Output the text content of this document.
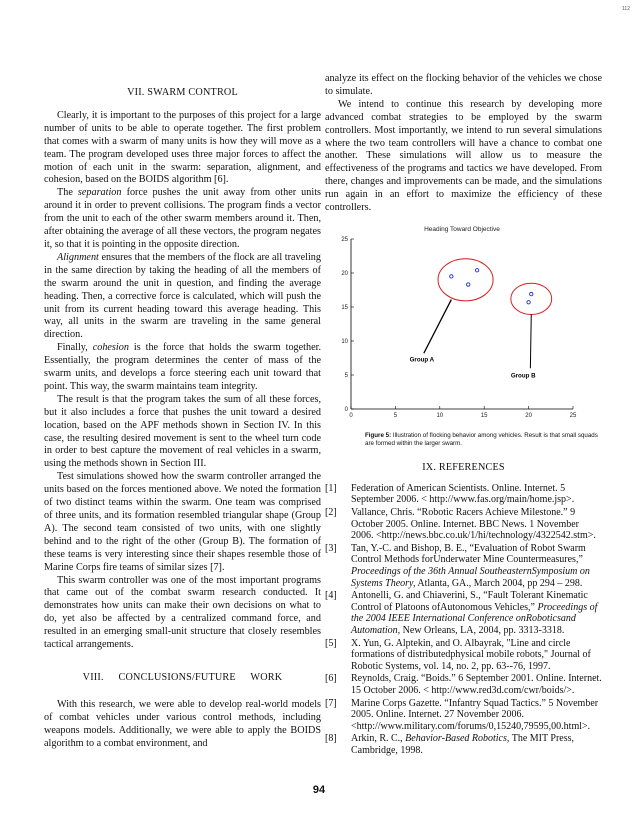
112
VII. SWARM CONTROL

Clearly, it is important to the purposes of this project for a large number of units to be able to operate together. The first problem that comes with a swarm of many units is how they will move as a team. The program developed uses three major forces to affect the motion of each unit in the swarm: separation, alignment, and cohesion, based on the BOIDS algorithm [6].

The separation force pushes the unit away from other units around it in order to prevent collisions. The program finds a vector from the unit to each of the other swarm members around it. Then, after obtaining the average of all these vectors, the program negates it, so that it is pointing in the opposite direction.

Alignment ensures that the members of the flock are all traveling in the same direction by taking the heading of all the members of the swarm around the unit in question, and finding the average heading. Then, a corrective force is calculated, which will push the unit from its current heading toward this average heading. This way, all units in the swarm are traveling in the same general direction.

Finally, cohesion is the force that holds the swarm together. Essentially, the program determines the center of mass of the swarm units, and develops a force steering each unit toward that point. This way, the swarm maintains team integrity.

The result is that the program takes the sum of all these forces, but it also includes a force that pushes the unit toward a desired location, based on the APF methods shown in Section IV. In this case, the resulting desired movement is sent to the wheel turn code in order to best capture the movement of real vehicles in a swarm, using the methods shown in Section III.

Test simulations showed how the swarm controller arranged the units based on the forces mentioned above. We noted the formation of two distinct teams within the swarm. One team was comprised of three units, and its formation resembled triangular shape (Group A). The second team consisted of two units, with one slightly behind and to the right of the other (Group B). The formation of these teams is very interesting since their shapes resemble those of Marine Corps fire teams of similar sizes [7].

This swarm controller was one of the most important programs that came out of the combat swarm research conducted. It demonstrates how units can make their own decisions on what to do, yet also be affected by a centralized command force, and resulted in an emerging small-unit structure that closely resembles tactical arrangements.

VIII. CONCLUSIONS/FUTURE WORK

With this research, we were able to develop real-world models of combat vehicles under various control methods, including weapons models. Additionally, we were able to apply the BOIDS algorithm to a combat environment, and

analyze its effect on the flocking behavior of the vehicles we chose to simulate.

We intend to continue this research by developing more advanced combat strategies to be employed by the swarm controllers. Most importantly, we intend to run several simulations where the two team controllers will have a chance to combat one another. These simulations will allow us to measure the effectiveness of the programs and tactics we have developed. From there, changes and improvements can be made, and the simulations run again in an effort to maximize the efficiency of these controllers.

Heading Toward Objective
0	5	10	15	20	25
0
5
10
15
20
25
Group A
Group B
Figure 5: Illustration of flocking behavior among vehicles. Result is that small squads are formed within the larger swarm.
IX. REFERENCES
[1] Federation of American Scientists. Online. Internet. 5 September 2006. < http://www.fas.org/main/home.jsp>.
[2] Vallance, Chris. “Robotic Racers Achieve Milestone.” 9 October 2005. Online. Internet. BBC News. 1 November 2006. <http://news.bbc.co.uk/1/hi/technology/4322542.stm>.
[3] Tan, Y.-C. and Bishop, B. E., “Evaluation of Robot Swarm Control Methods forUnderwater Mine Countermeasures,” Proceedings of the 36th Annual SoutheasternSymposium on Systems Theory, Atlanta, GA., March 2004, pp 294 – 298.
[4] Antonelli, G. and Chiaverini, S., “Fault Tolerant Kinematic Control of Platoons ofAutonomous Vehicles,” Proceedings of the 2004 IEEE International Conference onRoboticsand Automation, New Orleans, LA, 2004, pp. 3313-3318.
[5] X. Yun, G. Alptekin, and O. Albayrak, "Line and circle formations of distributedphysical mobile robots," Journal of Robotic Systems, vol. 14, no. 2, pp. 63--76, 1997.
[6] Reynolds, Craig. “Boids.” 6 September 2001. Online. Internet. 15 October 2006. < http://www.red3d.com/cwr/boids/>.
[7] Marine Corps Gazette. “Infantry Squad Tactics.” 5 November 2005. Online. Internet. 27 November 2006. <http://www.military.com/forums/0,15240,79595,00.html>.
[8] Arkin, R. C., Behavior-Based Robotics, The MIT Press, Cambridge, 1998.
94
